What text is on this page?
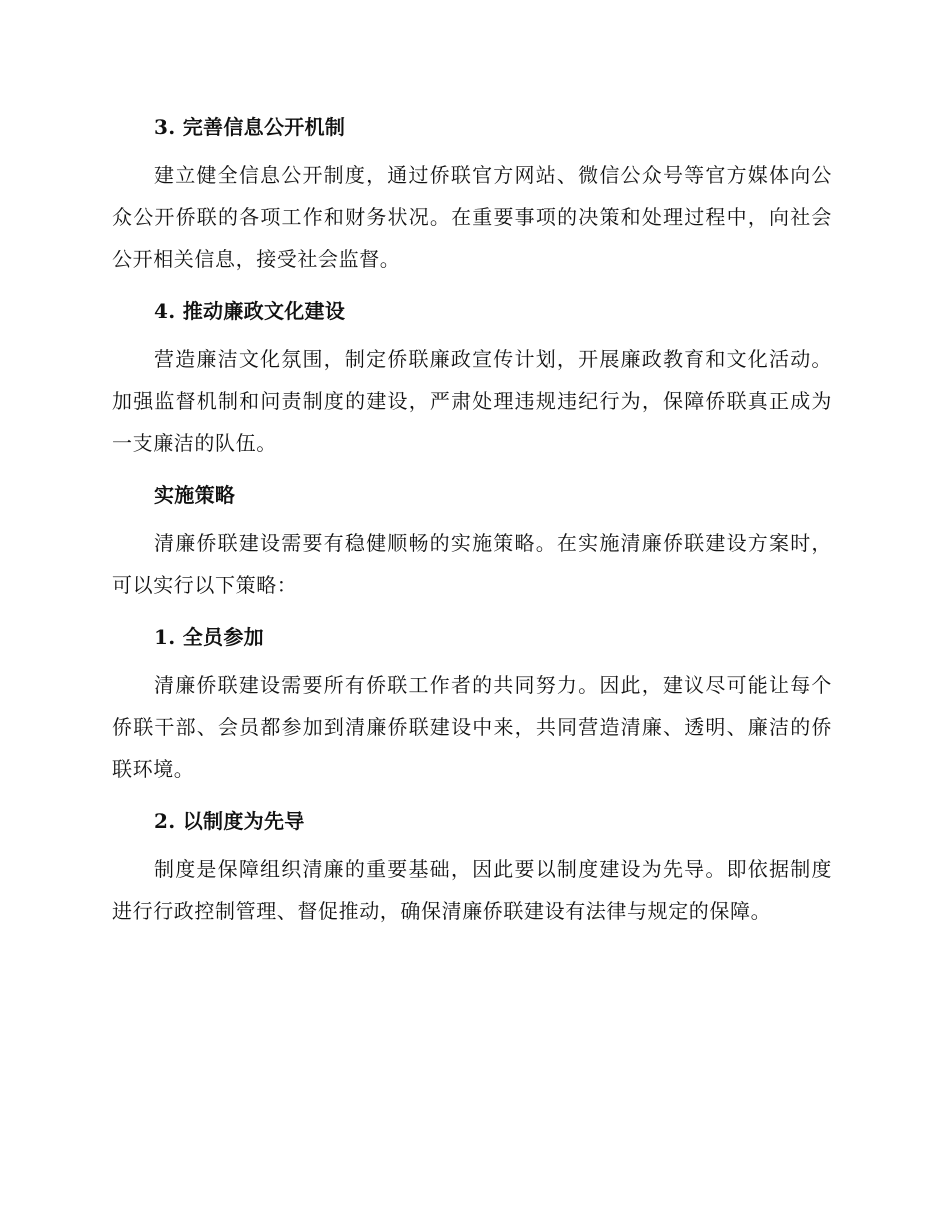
3. 完善信息公开机制

建立健全信息公开制度，通过侨联官方网站、微信公众号等官方媒体向公众公开侨联的各项工作和财务状况。在重要事项的决策和处理过程中，向社会公开相关信息，接受社会监督。

4. 推动廉政文化建设

营造廉洁文化氛围，制定侨联廉政宣传计划，开展廉政教育和文化活动。加强监督机制和问责制度的建设，严肃处理违规违纪行为，保障侨联真正成为一支廉洁的队伍。

实施策略

清廉侨联建设需要有稳健顺畅的实施策略。在实施清廉侨联建设方案时，可以实行以下策略：

1. 全员参加

清廉侨联建设需要所有侨联工作者的共同努力。因此，建议尽可能让每个侨联干部、会员都参加到清廉侨联建设中来，共同营造清廉、透明、廉洁的侨联环境。

2. 以制度为先导

制度是保障组织清廉的重要基础，因此要以制度建设为先导。即依据制度进行行政控制管理、督促推动，确保清廉侨联建设有法律与规定的保障。
